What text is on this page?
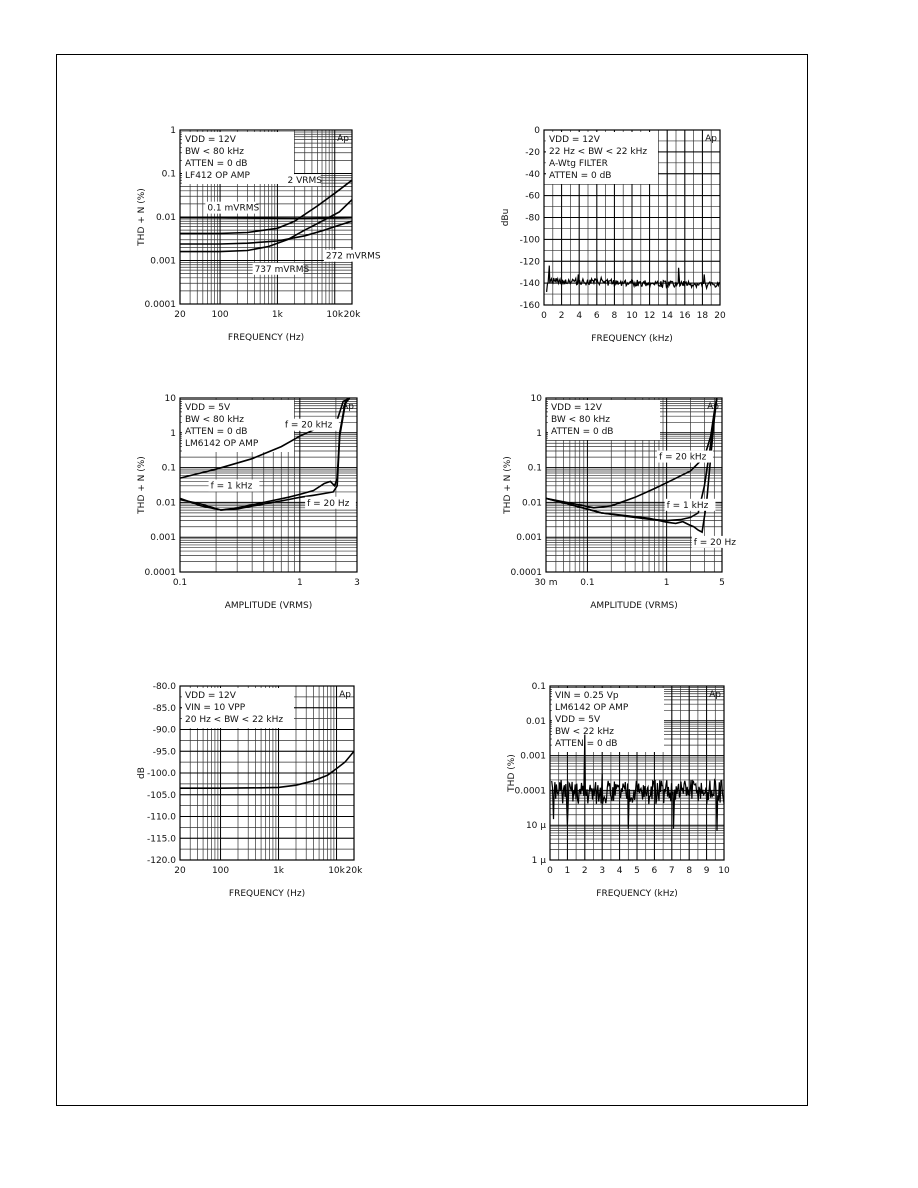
VDD = 12V
BW < 80 kHz
ATTEN = 0 dB
LF412 OP AMP
Ap
20	100	1k	10k 20k
1
0.1
0.01
0.001
0.0001
FREQUENCY (Hz)
THD + N (%)
2 VRMS
0.1 mVRMS
737 mVRMS
272 mVRMS
VDD = 12V
22 Hz < BW < 22 kHz
A-Wtg FILTER
ATTEN = 0 dB
Ap
0 2 4 6 8 10 12 14 16 18 20
0
-20
-40
-60
-80
-100
-120
-140
-160
FREQUENCY (kHz)
dBu
VDD = 5V
BW < 80 kHz
ATTEN = 0 dB
LM6142 OP AMP
Ap
0.1	1	3
10
1
0.1
0.01
0.001
0.0001
AMPLITUDE (VRMS)
THD + N (%)
f = 20 kHz
f = 1 kHz
f = 20 Hz
VDD = 12V
BW < 80 kHz
ATTEN = 0 dB
Ap
30 m	0.1	1	5
10
1
0.1
0.01
0.001
0.0001
AMPLITUDE (VRMS)
THD + N (%)	f = 20 kHz
f = 1 kHz
f = 20 Hz
VDD = 12V
VIN = 10 VPP
20 Hz < BW < 22 kHz
Ap
20	100	1k	10k 20k
-80.0
-85.0
-90.0
-95.0
-100.0
-105.0
-110.0
-115.0
-120.0
FREQUENCY (Hz)
dB
VIN = 0.25 Vp
LM6142 OP AMP
VDD = 5V
BW < 22 kHz
ATTEN = 0 dB
Ap
0 1 2 3 4 5 6 7 8 9 10
0.1
0.01
0.001
0.0001
10 μ
1 μ
FREQUENCY (kHz)
THD (%)
